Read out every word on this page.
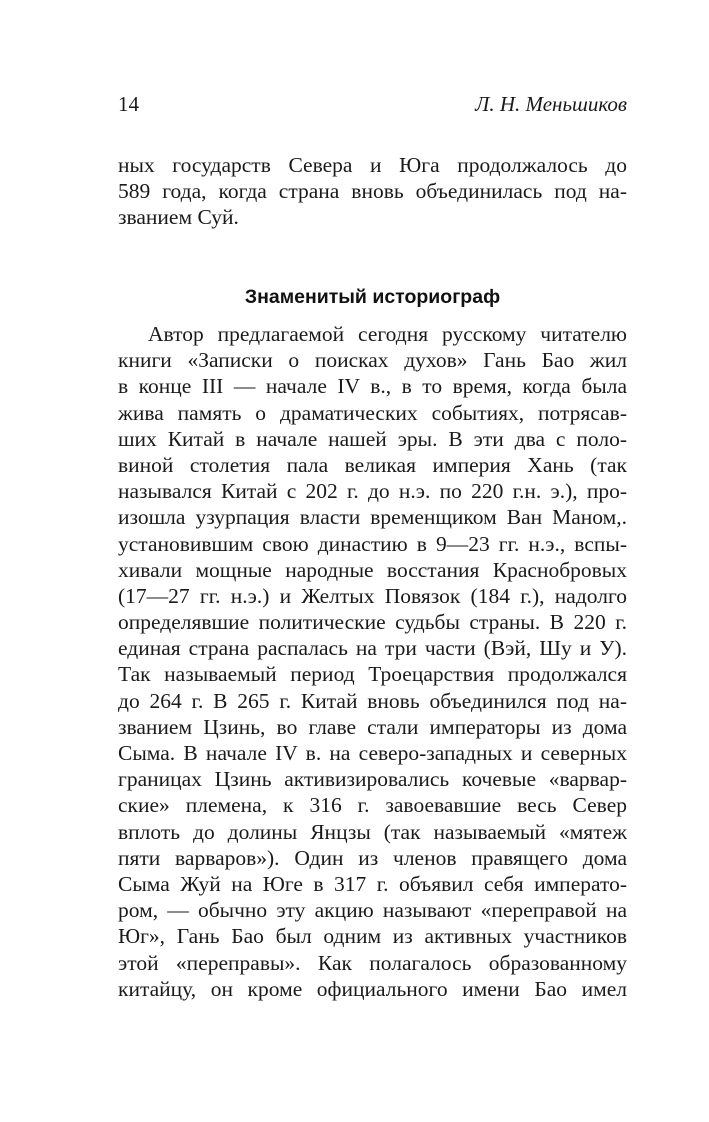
14	Л. Н. Меньшиков
ных государств Севера и Юга продолжалось до
589 года, когда страна вновь объединилась под на-
званием Суй.
Знаменитый историограф
Автор предлагаемой сегодня русскому читателю
книги «Записки о поисках духов» Гань Бао жил
в конце III — начале IV в., в то время, когда была
жива память о драматических событиях, потрясав-
ших Китай в начале нашей эры. В эти два с поло-
виной столетия пала великая империя Хань (так
назывался Китай с 202 г. до н.э. по 220 г.н. э.), про-
изошла узурпация власти временщиком Ван Маном,.
установившим свою династию в 9—23 гг. н.э., вспы-
хивали мощные народные восстания Краснобровых
(17—27 гг. н.э.) и Желтых Повязок (184 г.), надолго
определявшие политические судьбы страны. В 220 г.
единая страна распалась на три части (Вэй, Шу и У).
Так называемый период Троецарствия продолжался
до 264 г. В 265 г. Китай вновь объединился под на-
званием Цзинь, во главе стали императоры из дома
Сыма. В начале IV в. на северо-западных и северных
границах Цзинь активизировались кочевые «варвар-
ские» племена, к 316 г. завоевавшие весь Север
вплоть до долины Янцзы (так называемый «мятеж
пяти варваров»). Один из членов правящего дома
Сыма Жуй на Юге в 317 г. объявил себя императо-
ром, — обычно эту акцию называют «переправой на
Юг», Гань Бао был одним из активных участников
этой «переправы». Как полагалось образованному
китайцу, он кроме официального имени Бао имел
